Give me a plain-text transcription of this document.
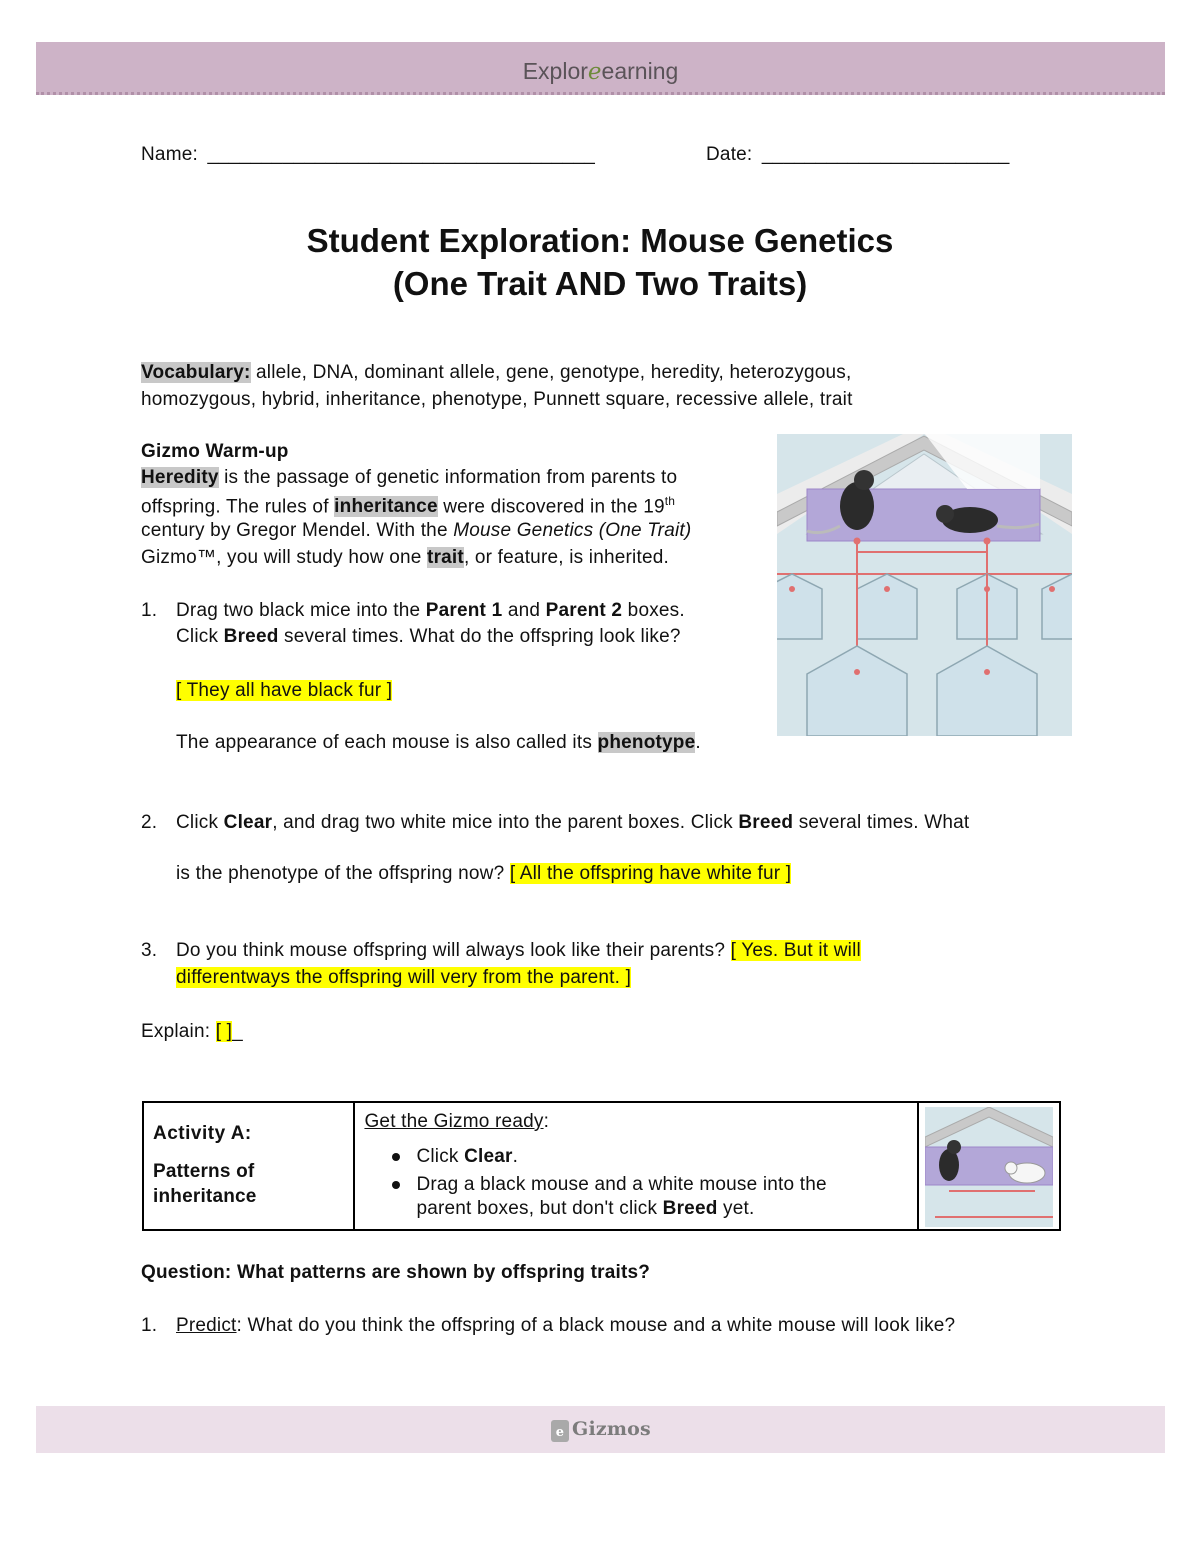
Exploreearning
Name: ____________________________________	Date: _______________________
Student Exploration: Mouse Genetics
(One Trait AND Two Traits)
Vocabulary: allele, DNA, dominant allele, gene, genotype, heredity, heterozygous,
homozygous, hybrid, inheritance, phenotype, Punnett square, recessive allele, trait
Gizmo Warm-up
Heredity is the passage of genetic information from parents to
offspring. The rules of inheritance were discovered in the 19th
century by Gregor Mendel. With the Mouse Genetics (One Trait)
Gizmo™, you will study how one trait, or feature, is inherited.
1. Drag two black mice into the Parent 1 and Parent 2 boxes.
Click Breed several times. What do the offspring look like?
[ They all have black fur ]
The appearance of each mouse is also called its phenotype.
2. Click Clear, and drag two white mice into the parent boxes. Click Breed several times. What
is the phenotype of the offspring now? [ All the offspring have white fur ]
3. Do you think mouse offspring will always look like their parents? [ Yes. But it will
differentways the offspring will very from the parent. ]
Explain: [ ]_
Activity A:
Patterns of
inheritance

Get the Gizmo ready:
Click Clear.
Drag a black mouse and a white mouse into the
parent boxes, but don't click Breed yet.

Question: What patterns are shown by offspring traits?
1. Predict: What do you think the offspring of a black mouse and a white mouse will look like?
e Gizmos
